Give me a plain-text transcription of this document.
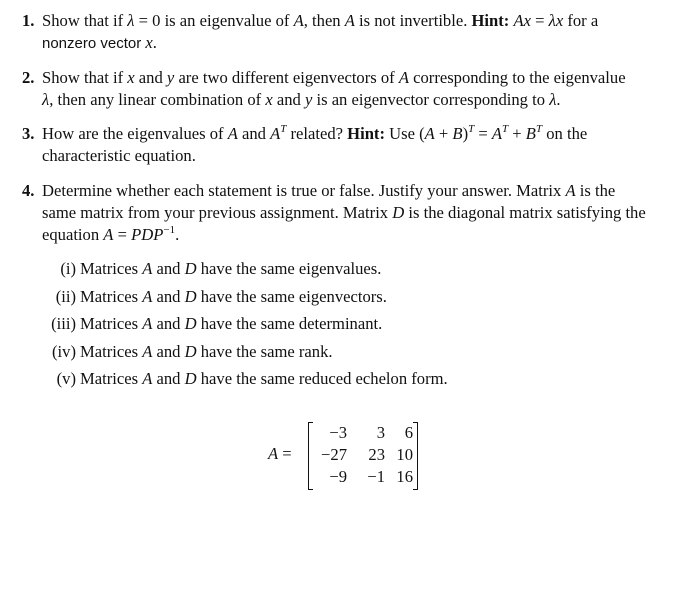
1. Show that if λ = 0 is an eigenvalue of A, then A is not invertible. Hint: Ax = λx for a
nonzero vector x.
2. Show that if x and y are two different eigenvectors of A corresponding to the eigenvalue
λ, then any linear combination of x and y is an eigenvector corresponding to λ.
3. How are the eigenvalues of A and $A^T$ related? Hint: Use $(A + B)^T = A^T + B^T$ on the
characteristic equation.
4. Determine whether each statement is true or false. Justify your answer. Matrix A is the same matrix from your previous assignment. Matrix D is the diagonal matrix satisfying the equation $A = PDP^{-1}$.
(i) Matrices A and D have the same eigenvalues.
(ii) Matrices A and D have the same eigenvectors.
(iii) Matrices A and D have the same determinant.
(iv) Matrices A and D have the same rank.
(v) Matrices A and D have the same reduced echelon form.
A =
−3 3 6
−27 23 10
−9 −1 16
